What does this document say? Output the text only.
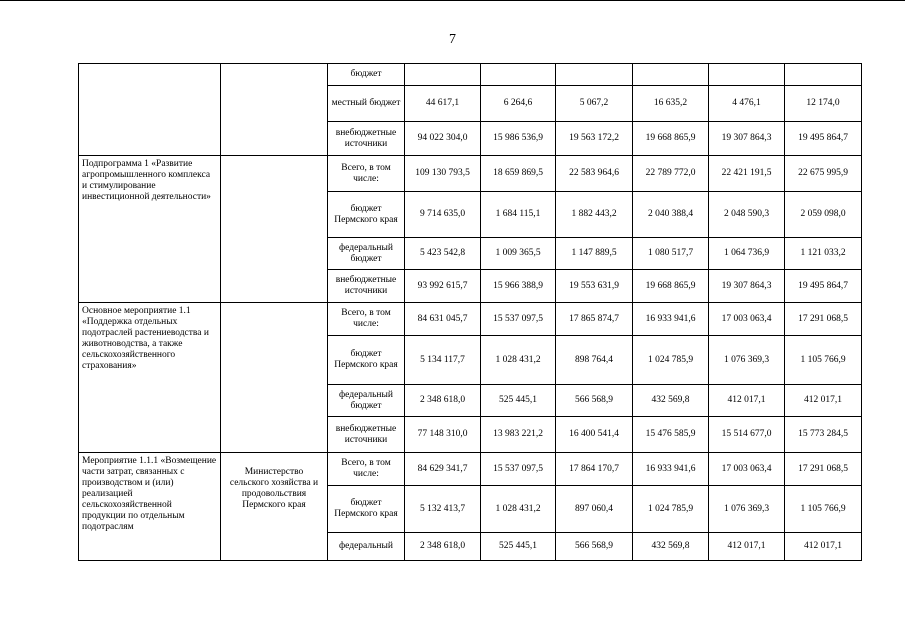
7
		бюджет						
		местный бюджет	44 617,1	6 264,6	5 067,2	16 635,2	4 476,1	12 174,0
		внебюджетные источники	94 022 304,0	15 986 536,9	19 563 172,2	19 668 865,9	19 307 864,3	19 495 864,7
Подпрограмма 1 «Развитие агропромышленного комплекса и стимулирование инвестиционной деятельности»		Всего, в том числе:	109 130 793,5	18 659 869,5	22 583 964,6	22 789 772,0	22 421 191,5	22 675 995,9
		бюджет Пермского края	9 714 635,0	1 684 115,1	1 882 443,2	2 040 388,4	2 048 590,3	2 059 098,0
		федеральный бюджет	5 423 542,8	1 009 365,5	1 147 889,5	1 080 517,7	1 064 736,9	1 121 033,2
		внебюджетные источники	93 992 615,7	15 966 388,9	19 553 631,9	19 668 865,9	19 307 864,3	19 495 864,7
Основное мероприятие 1.1 «Поддержка отдельных подотраслей растениеводства и животноводства, а также сельскохозяйственного страхования»		Всего, в том числе:	84 631 045,7	15 537 097,5	17 865 874,7	16 933 941,6	17 003 063,4	17 291 068,5
		бюджет Пермского края	5 134 117,7	1 028 431,2	898 764,4	1 024 785,9	1 076 369,3	1 105 766,9
		федеральный бюджет	2 348 618,0	525 445,1	566 568,9	432 569,8	412 017,1	412 017,1
		внебюджетные источники	77 148 310,0	13 983 221,2	16 400 541,4	15 476 585,9	15 514 677,0	15 773 284,5
Мероприятие 1.1.1 «Возмещение части затрат, связанных с производством и (или) реализацией сельскохозяйственной продукции по отдельным подотраслям	Министерство сельского хозяйства и продовольствия Пермского края	Всего, в том числе:	84 629 341,7	15 537 097,5	17 864 170,7	16 933 941,6	17 003 063,4	17 291 068,5
		бюджет Пермского края	5 132 413,7	1 028 431,2	897 060,4	1 024 785,9	1 076 369,3	1 105 766,9
		федеральный	2 348 618,0	525 445,1	566 568,9	432 569,8	412 017,1	412 017,1
